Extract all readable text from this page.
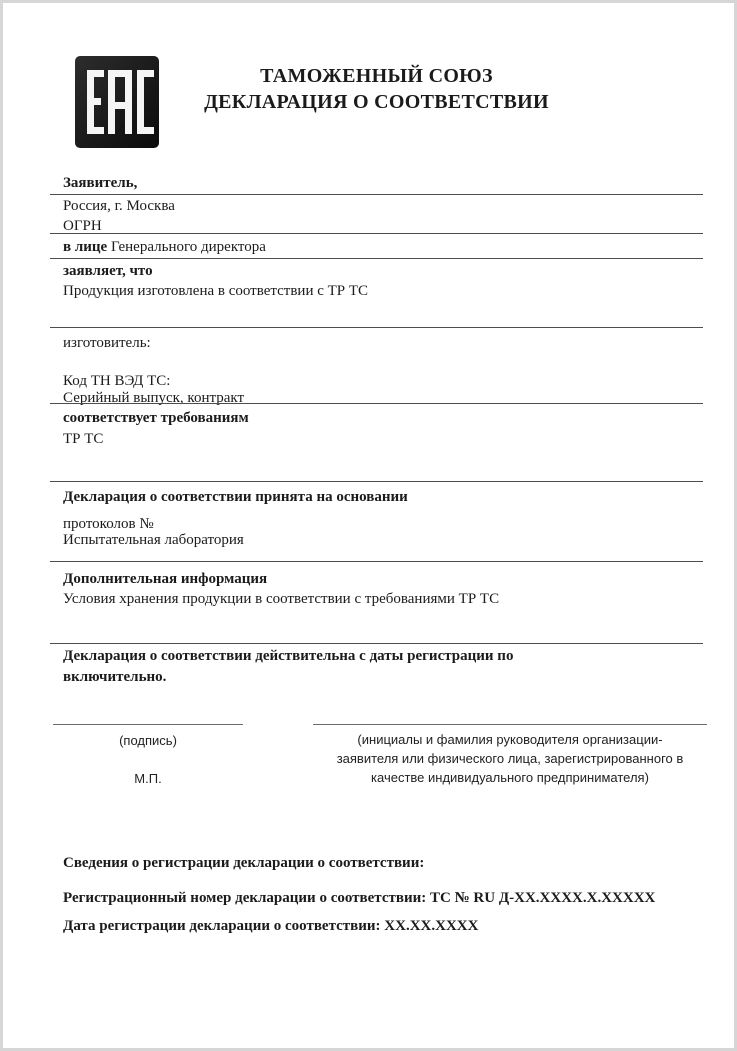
ТАМОЖЕННЫЙ СОЮЗ
ДЕКЛАРАЦИЯ О СООТВЕТСТВИИ
Заявитель,
Россия, г. Москва
ОГРН
в лице Генерального директора
заявляет, что
Продукция изготовлена в соответствии с ТР ТС
изготовитель:
Код ТН ВЭД ТС:
Серийный выпуск, контракт
соответствует требованиям
ТР ТС
Декларация о соответствии принята на основании
протоколов №
Испытательная лаборатория
Дополнительная информация
Условия хранения продукции в соответствии с требованиями ТР ТС
Декларация о соответствии действительна с даты регистрации по
включительно.
(подпись)
М.П.
(инициалы и фамилия руководителя организации-
заявителя или физического лица, зарегистрированного в
качестве индивидуального предпринимателя)
Сведения о регистрации декларации о соответствии:
Регистрационный номер декларации о соответствии: ТС № RU Д-XX.XXXX.X.XXXXX
Дата регистрации декларации о соответствии: XX.XX.XXXX
